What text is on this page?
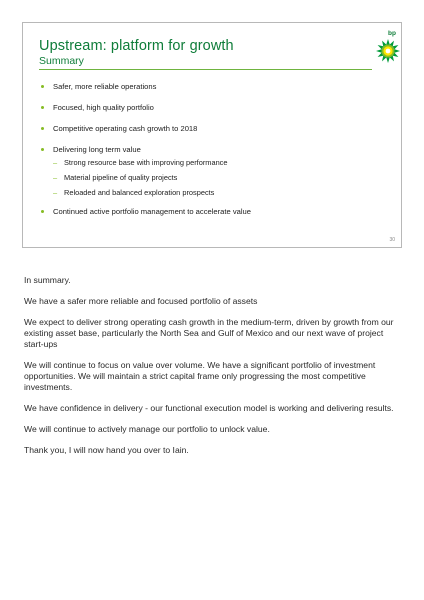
Upstream: platform for growth
Summary
bp
Safer, more reliable operations
Focused, high quality portfolio
Competitive operating cash growth to 2018
Delivering long term value
– Strong resource base with improving performance
– Material pipeline of quality projects
– Reloaded and balanced exploration prospects
Continued active portfolio management to accelerate value
30

In summary.

We have a safer more reliable and focused portfolio of assets

We expect to deliver strong operating cash growth in the medium-term, driven by growth from our existing asset base, particularly the North Sea and Gulf of Mexico and our next wave of project start-ups

We will continue to focus on value over volume. We have a significant portfolio of investment opportunities. We will maintain a strict capital frame only progressing the most competitive investments.

We have confidence in delivery - our functional execution model is working and delivering results.

We will continue to actively manage our portfolio to unlock value.

Thank you, I will now hand you over to Iain.
